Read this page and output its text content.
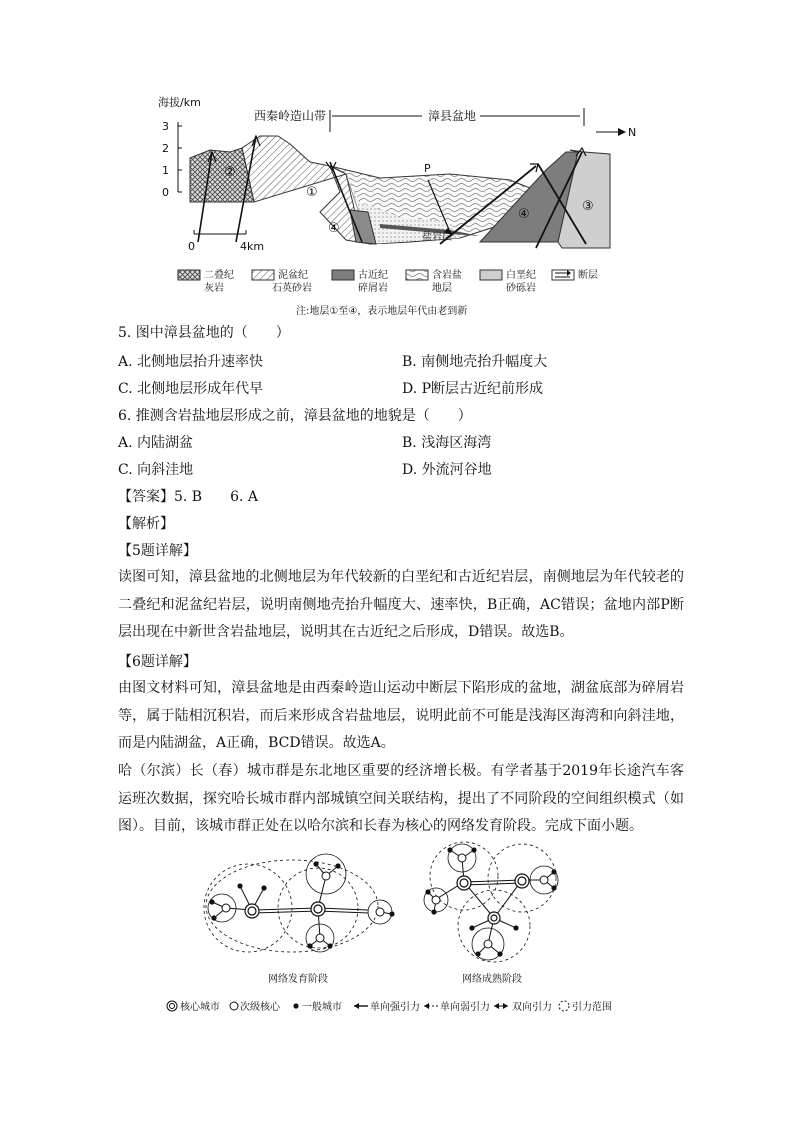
海拔/km
3
2
1
0
西秦岭造山带	漳县盆地
N
P
①
②
③
④
④
盐岩层
0	4km
二叠纪
灰岩
泥盆纪
石英砂岩
古近纪
碎屑岩
含岩盐
地层
白垩纪
砂砾岩
断层
注:地层①至④，表示地层年代由老到新
5. 图中漳县盆地的（　　）
A. 北侧地层抬升速率快	B. 南侧地壳抬升幅度大
C. 北侧地层形成年代早	D. P断层古近纪前形成
6. 推测含岩盐地层形成之前，漳县盆地的地貌是（　　）
A. 内陆湖盆	B. 浅海区海湾
C. 向斜洼地	D. 外流河谷地
【答案】5. B　　6. A
【解析】
【5题详解】
读图可知，漳县盆地的北侧地层为年代较新的白垩纪和古近纪岩层，南侧地层为年代较老的二叠纪和泥盆纪岩层，说明南侧地壳抬升幅度大、速率快，B正确，AC错误；盆地内部P断层出现在中新世含岩盐地层，说明其在古近纪之后形成，D错误。故选B。
【6题详解】
由图文材料可知，漳县盆地是由西秦岭造山运动中断层下陷形成的盆地，湖盆底部为碎屑岩等，属于陆相沉积岩，而后来形成含岩盐地层，说明此前不可能是浅海区海湾和向斜洼地，而是内陆湖盆，A正确，BCD错误。故选A。
哈（尔滨）长（春）城市群是东北地区重要的经济增长极。有学者基于2019年长途汽车客运班次数据，探究哈长城市群内部城镇空间关联结构，提出了不同阶段的空间组织模式（如图）。目前，该城市群正处在以哈尔滨和长春为核心的网络发育阶段。完成下面小题。
网络发育阶段	网络成熟阶段
核心城市 次级核心 一般城市	单向强引力 单向弱引力 双向引力 引力范围
